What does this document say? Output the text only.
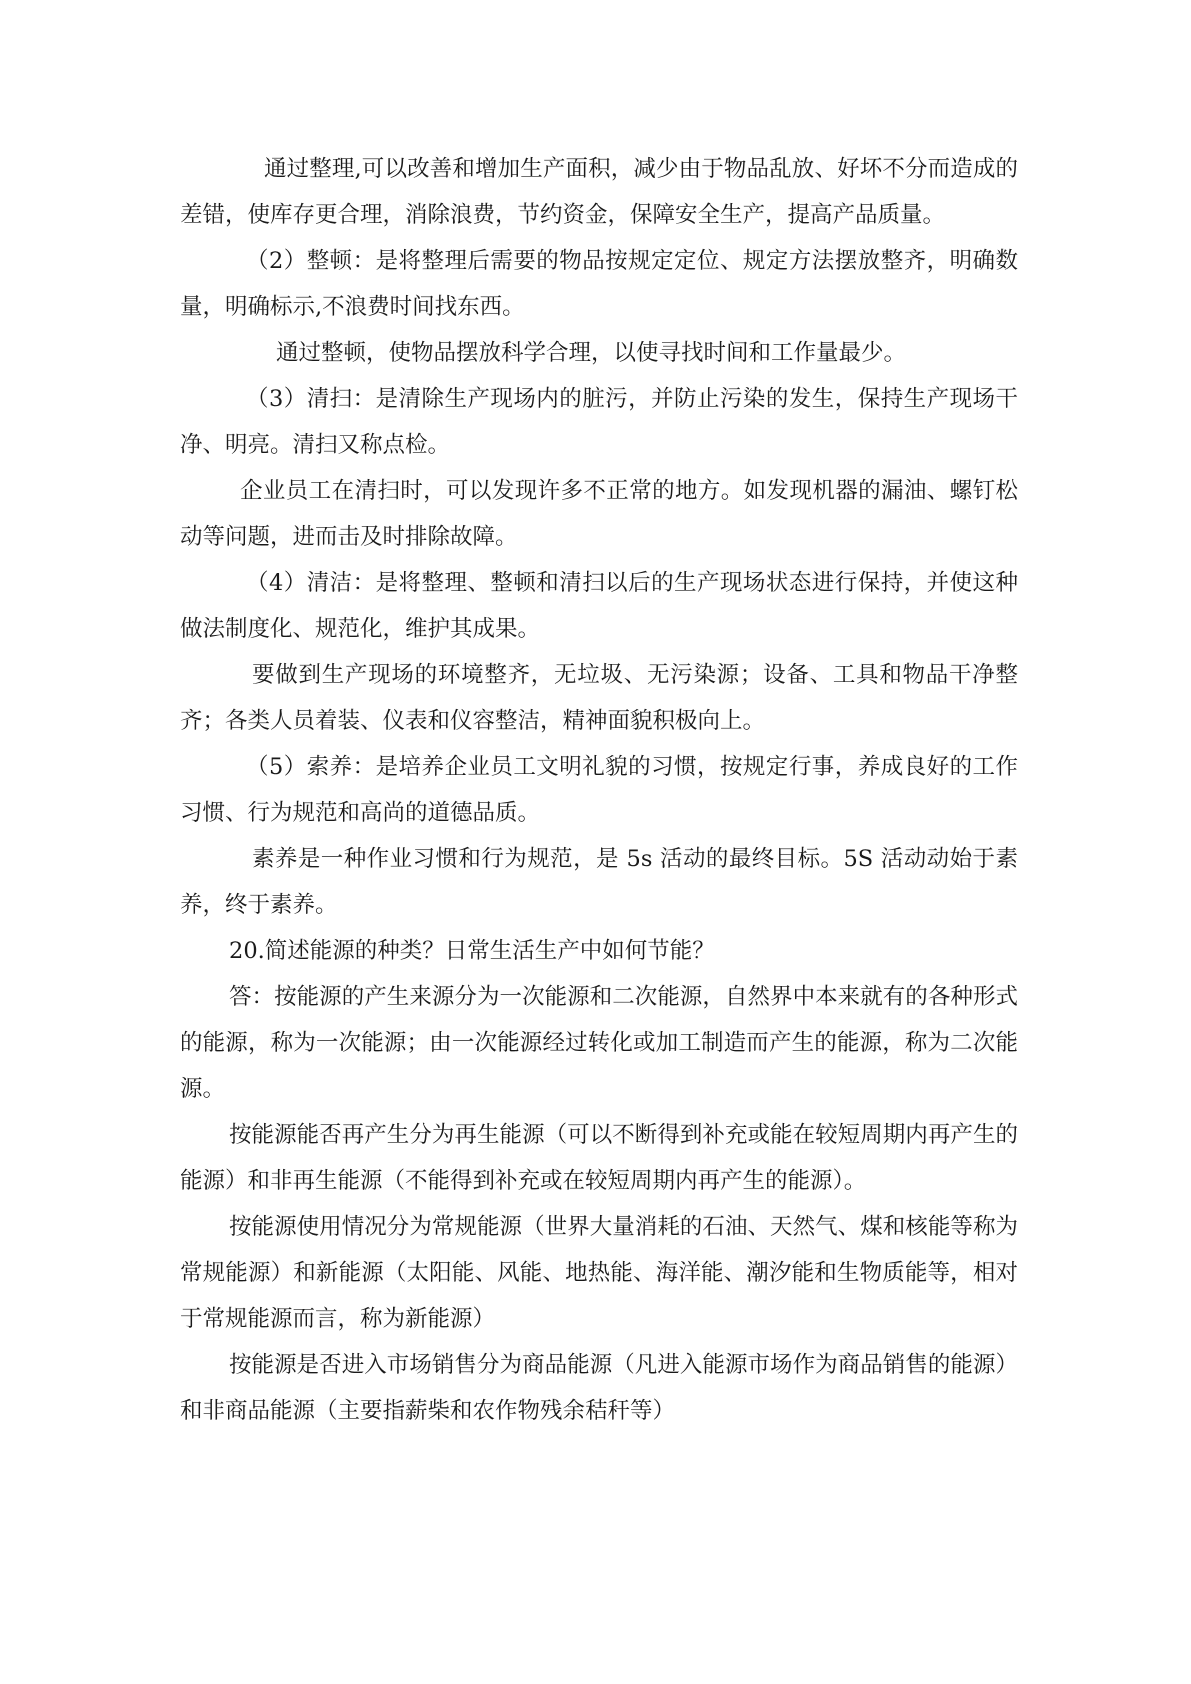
通过整理,可以改善和增加生产面积，减少由于物品乱放、好坏不分而造成的差错，使库存更合理，消除浪费，节约资金，保障安全生产，提高产品质量。

（2）整顿：是将整理后需要的物品按规定定位、规定方法摆放整齐，明确数量，明确标示,不浪费时间找东西。

通过整顿，使物品摆放科学合理，以使寻找时间和工作量最少。

（3）清扫：是清除生产现场内的脏污，并防止污染的发生，保持生产现场干净、明亮。清扫又称点检。

企业员工在清扫时，可以发现许多不正常的地方。如发现机器的漏油、螺钉松动等问题，进而击及时排除故障。

（4）清洁：是将整理、整顿和清扫以后的生产现场状态进行保持，并使这种做法制度化、规范化，维护其成果。

要做到生产现场的环境整齐，无垃圾、无污染源；设备、工具和物品干净整齐；各类人员着装、仪表和仪容整洁，精神面貌积极向上。

（5）索养：是培养企业员工文明礼貌的习惯，按规定行事，养成良好的工作习惯、行为规范和高尚的道德品质。

素养是一种作业习惯和行为规范，是 5s 活动的最终目标。5S 活动动始于素养，终于素养。

20.简述能源的种类？日常生活生产中如何节能？

答：按能源的产生来源分为一次能源和二次能源，自然界中本来就有的各种形式的能源，称为一次能源；由一次能源经过转化或加工制造而产生的能源，称为二次能源。

按能源能否再产生分为再生能源（可以不断得到补充或能在较短周期内再产生的能源）和非再生能源（不能得到补充或在较短周期内再产生的能源）。

按能源使用情况分为常规能源（世界大量消耗的石油、天然气、煤和核能等称为常规能源）和新能源（太阳能、风能、地热能、海洋能、潮汐能和生物质能等，相对于常规能源而言，称为新能源）

按能源是否进入市场销售分为商品能源（凡进入能源市场作为商品销售的能源）和非商品能源（主要指薪柴和农作物残余秸秆等）
